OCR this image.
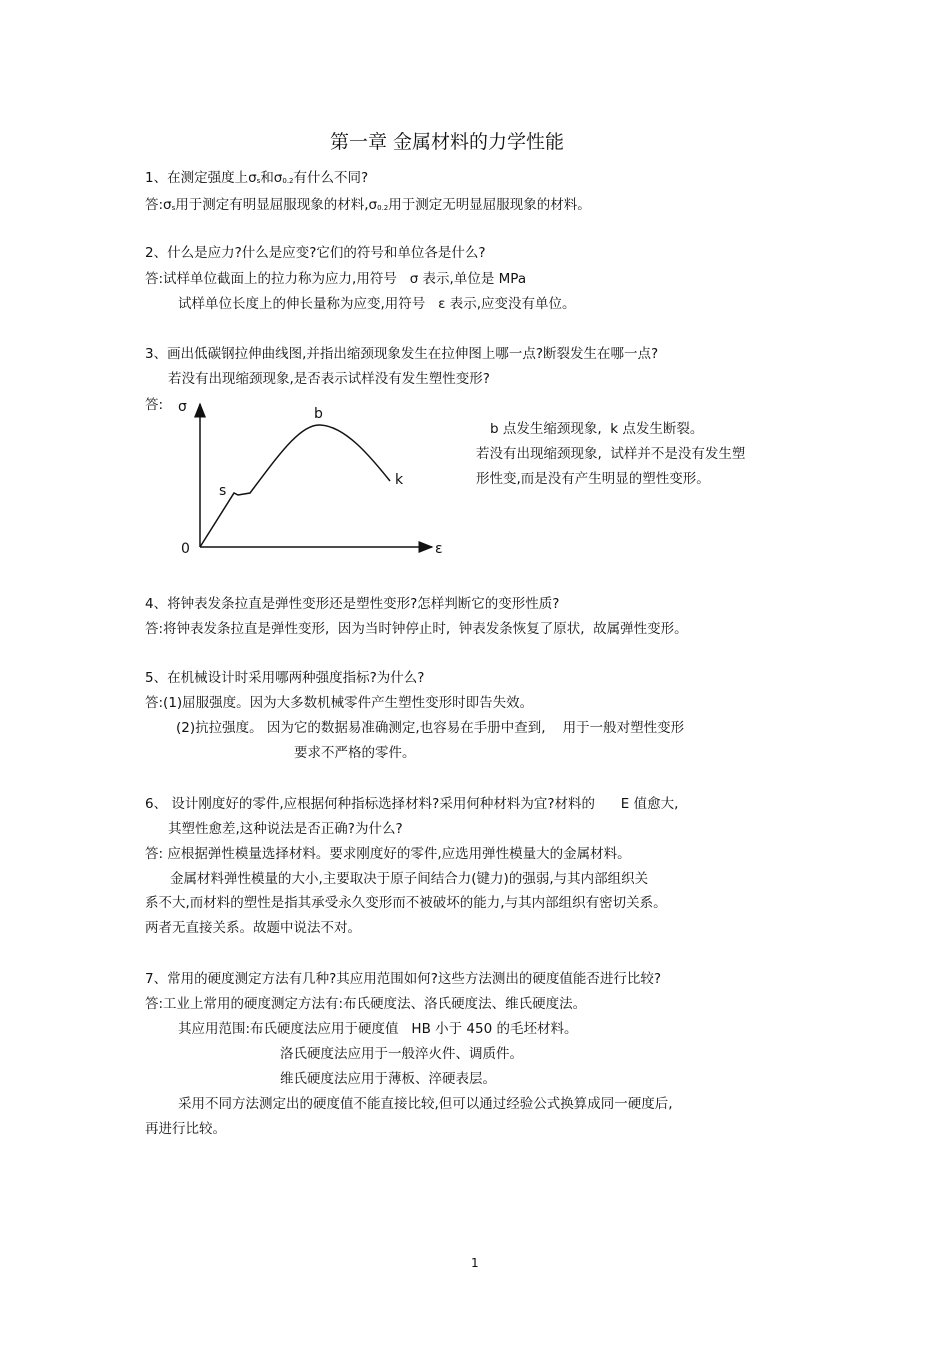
第一章 金属材料的力学性能
1、在测定强度上$\sigma_s$和$\sigma_{0.2}$有什么不同?
答$:\sigma_s$用于测定有明显屈服现象的材料$,\sigma_{0.2}$用于测定无明显屈服现象的材料。
2、什么是应力?什么是应变?它们的符号和单位各是什么?
答:试样单位截面上的拉力称为应力,用符号   σ 表示,单位是 MPa
试样单位长度上的伸长量称为应变,用符号   ε 表示,应变没有单位。
3、画出低碳钢拉伸曲线图,并指出缩颈现象发生在拉伸图上哪一点?断裂发生在哪一点?
若没有出现缩颈现象,是否表示试样没有发生塑性变形?
答: σ
ε
0
s
b
k
b 点发生缩颈现象,  k 点发生断裂。
若没有出现缩颈现象,  试样并不是没有发生塑
形性变,而是没有产生明显的塑性变形。
4、将钟表发条拉直是弹性变形还是塑性变形?怎样判断它的变形性质?
答:将钟表发条拉直是弹性变形,  因为当时钟停止时,  钟表发条恢复了原状,  故属弹性变形。
5、在机械设计时采用哪两种强度指标?为什么?
答:(1)屈服强度。因为大多数机械零件产生塑性变形时即告失效。
(2)抗拉强度。 因为它的数据易准确测定,也容易在手册中查到,    用于一般对塑性变形
要求不严格的零件。
6、 设计刚度好的零件,应根据何种指标选择材料?采用何种材料为宜?材料的      E 值愈大,
其塑性愈差,这种说法是否正确?为什么?
答: 应根据弹性模量选择材料。要求刚度好的零件,应选用弹性模量大的金属材料。
金属材料弹性模量的大小,主要取决于原子间结合力(键力)的强弱,与其内部组织关
系不大,而材料的塑性是指其承受永久变形而不被破坏的能力,与其内部组织有密切关系。
两者无直接关系。故题中说法不对。
7、常用的硬度测定方法有几种?其应用范围如何?这些方法测出的硬度值能否进行比较?
答:工业上常用的硬度测定方法有:布氏硬度法、洛氏硬度法、维氏硬度法。
其应用范围:布氏硬度法应用于硬度值   HB 小于 450 的毛坯材料。
洛氏硬度法应用于一般淬火件、调质件。
维氏硬度法应用于薄板、淬硬表层。
采用不同方法测定出的硬度值不能直接比较,但可以通过经验公式换算成同一硬度后,
再进行比较。
1
